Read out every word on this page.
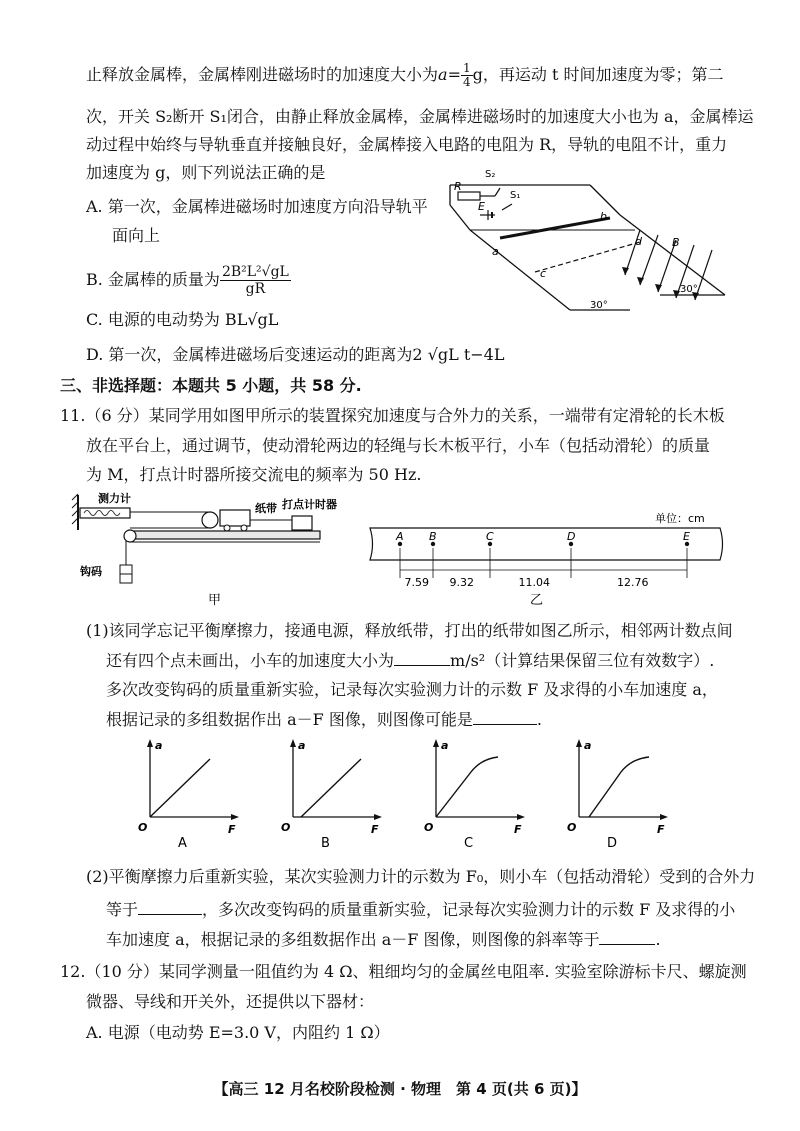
止释放金属棒，金属棒刚进磁场时的加速度大小为$a= \frac{1}{4}$ g，再运动 t 时间加速度为零；第二
次，开关 S₂断开 S₁闭合，由静止释放金属棒，金属棒进磁场时的加速度大小也为 a，金属棒运
动过程中始终与导轨垂直并接触良好，金属棒接入电路的电阻为 R，导轨的电阻不计，重力
加速度为 g，则下列说法正确的是
A. 第一次，金属棒进磁场时加速度方向沿导轨平
面向上
B. 金属棒的质量为 $\frac{\text{2B²L²√gL}}{gR}$
C. 电源的电动势为 BL√gL
D. 第一次，金属棒进磁场后变速运动的距离为2 √gL t−4L
R
S₂
S₁
E
b
d
a
c
B
30°
30°
三、非选择题：本题共 5 小题，共 58 分.
11.（6 分）某同学用如图甲所示的装置探究加速度与合外力的关系，一端带有定滑轮的长木板
放在平台上，通过调节，使动滑轮两边的轻绳与长木板平行，小车（包括动滑轮）的质量
为 M，打点计时器所接交流电的频率为 50 Hz.
测力计
纸带 打点计时器
钩码
甲
单位：cm
A B	C	D	E
7.59 9.32	11.04	12.76
乙
(1)该同学忘记平衡摩擦力，接通电源，释放纸带，打出的纸带如图乙所示，相邻两计数点间
还有四个点未画出，小车的加速度大小为	m/s²（计算结果保留三位有效数字）.
多次改变钩码的质量重新实验，记录每次实验测力计的示数 F 及求得的小车加速度 a，
根据记录的多组数据作出 a－F 图像，则图像可能是	.
a
F
O
A
a
F
O
B
a
F
O
C
a
F
O
D
(2)平衡摩擦力后重新实验，某次实验测力计的示数为 F₀，则小车（包括动滑轮）受到的合外力
等于	，多次改变钩码的质量重新实验，记录每次实验测力计的示数 F 及求得的小
车加速度 a，根据记录的多组数据作出 a－F 图像，则图像的斜率等于	.
12.（10 分）某同学测量一阻值约为 4 Ω、粗细均匀的金属丝电阻率. 实验室除游标卡尺、螺旋测
微器、导线和开关外，还提供以下器材：
A. 电源（电动势 E=3.0 V，内阻约 1 Ω）
【高三 12 月名校阶段检测 · 物理　第 4 页(共 6 页)】
